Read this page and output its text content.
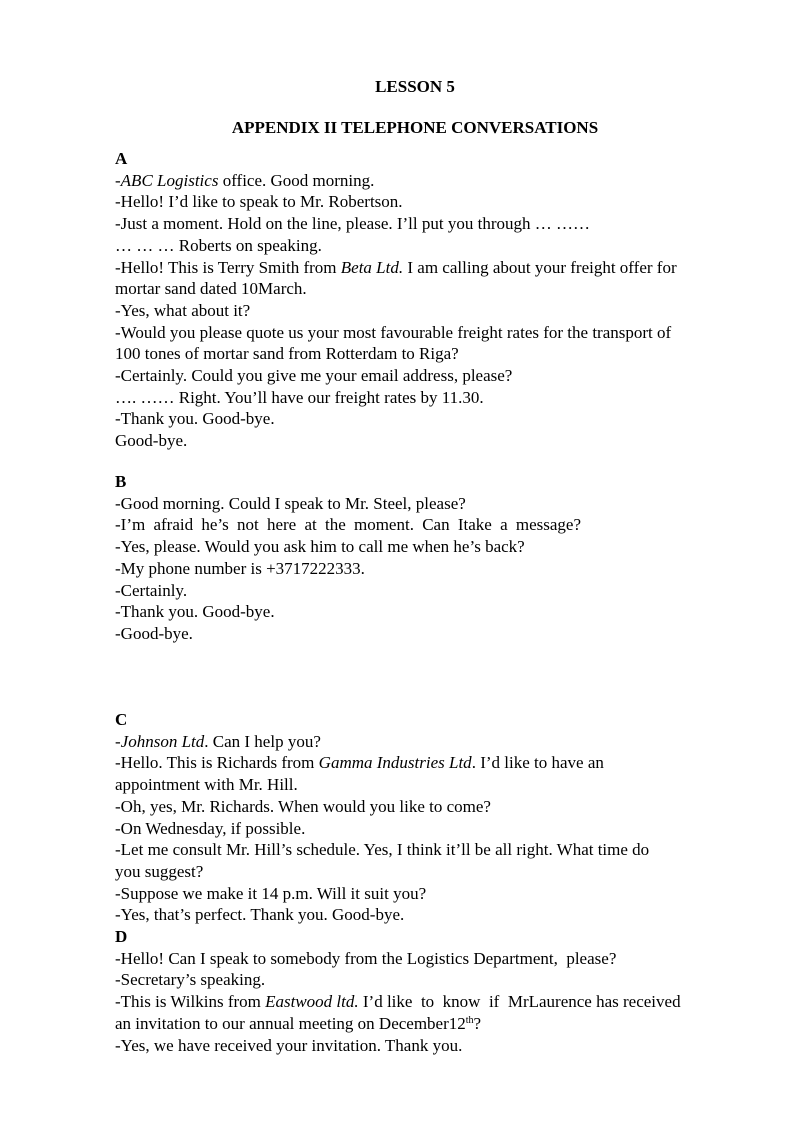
LESSON 5
APPENDIX II TELEPHONE CONVERSATIONS
A
-ABC Logistics office. Good morning.
-Hello! I’d like to speak to Mr. Robertson.
-Just a moment. Hold on the line, please. I’ll put you through … ……
… … … Roberts on speaking.
-Hello! This is Terry Smith from Beta Ltd. I am calling about your freight offer for
mortar sand dated 10March.
-Yes, what about it?
-Would you please quote us your most favourable freight rates for the transport of
100 tones of mortar sand from Rotterdam to Riga?
-Certainly. Could you give me your email address, please?
…. …… Right. You’ll have our freight rates by 11.30.
-Thank you. Good-bye.
Good-bye.
B
-Good morning. Could I speak to Mr. Steel, please?
-I’m afraid he’s not here at the moment. Can Itake a message?
-Yes, please. Would you ask him to call me when he’s back?
-My phone number is +3717222333.
-Certainly.
-Thank you. Good-bye.
-Good-bye.
C
-Johnson Ltd. Can I help you?
-Hello. This is Richards from Gamma Industries Ltd. I’d like to have an
appointment with Mr. Hill.
-Oh, yes, Mr. Richards. When would you like to come?
-On Wednesday, if possible.
-Let me consult Mr. Hill’s schedule. Yes, I think it’ll be all right. What time do
you suggest?
-Suppose we make it 14 p.m. Will it suit you?
-Yes, that’s perfect. Thank you. Good-bye.
D
-Hello! Can I speak to somebody from the Logistics Department,  please?
-Secretary’s speaking.
-This is Wilkins from Eastwood ltd. I’d like  to  know  if  MrLaurence has received
an invitation to our annual meeting on December12th?
-Yes, we have received your invitation. Thank you.
